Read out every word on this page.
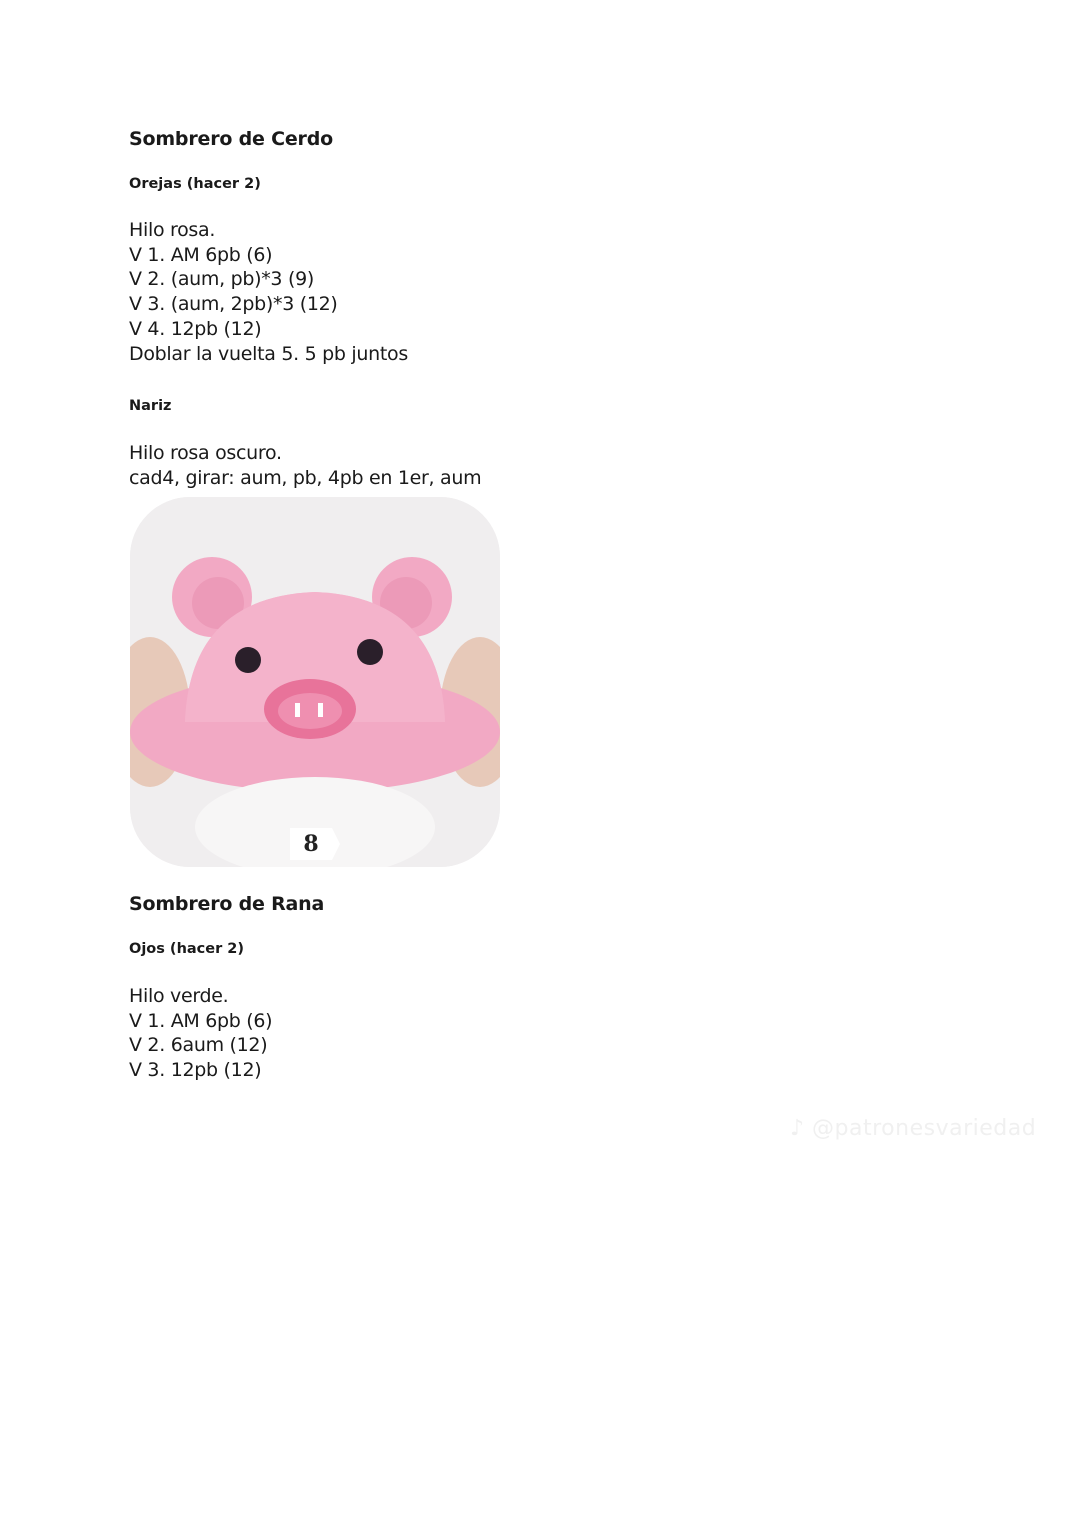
Sombrero de Cerdo
Orejas (hacer 2)
Hilo rosa.
V 1. AM 6pb (6)
V 2. (aum, pb)*3 (9)
V 3. (aum, 2pb)*3 (12)
V 4. 12pb (12)
Doblar la vuelta 5. 5 pb juntos
Nariz
Hilo rosa oscuro.
cad4, girar: aum, pb, 4pb en 1er, aum
8
Sombrero de Rana
Ojos (hacer 2)
Hilo verde.
V 1. AM 6pb (6)
V 2. 6aum (12)
V 3. 12pb (12)
♪ @patronesvariedad
